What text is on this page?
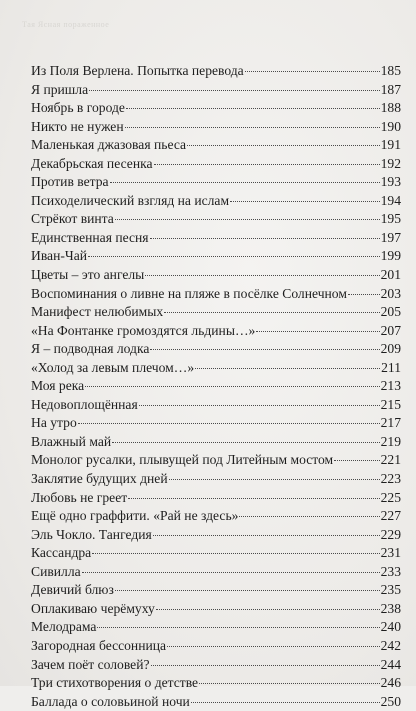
Тая Ясная пораженное
Из Поля Верлена. Попытка перевода	185
Я пришла	187
Ноябрь в городе	188
Никто не нужен	190
Маленькая джазовая пьеса	191
Декабрьская песенка	192
Против ветра	193
Психоделический взгляд на ислам	194
Стрёкот винта	195
Единственная песня	197
Иван-Чай	199
Цветы – это ангелы	201
Воспоминания о ливне на пляже в посёлке Солнечном 203
Манифест нелюбимых	205
«На Фонтанке громоздятся льдины…»	207
Я – подводная лодка	209
«Холод за левым плечом…»	211
Моя река	213
Недовоплощённая	215
На утро	217
Влажный май	219
Монолог русалки, плывущей под Литейным мостом	221
Заклятие будущих дней	223
Любовь не греет	225
Ещё одно граффити. «Рай не здесь»	227
Эль Чокло. Тангедия	229
Кассандра	231
Сивилла	233
Девичий блюз	235
Оплакиваю черёмуху	238
Мелодрама	240
Загородная бессонница	242
Зачем поёт соловей?	244
Три стихотворения о детстве	246
Баллада о соловьиной ночи	250
